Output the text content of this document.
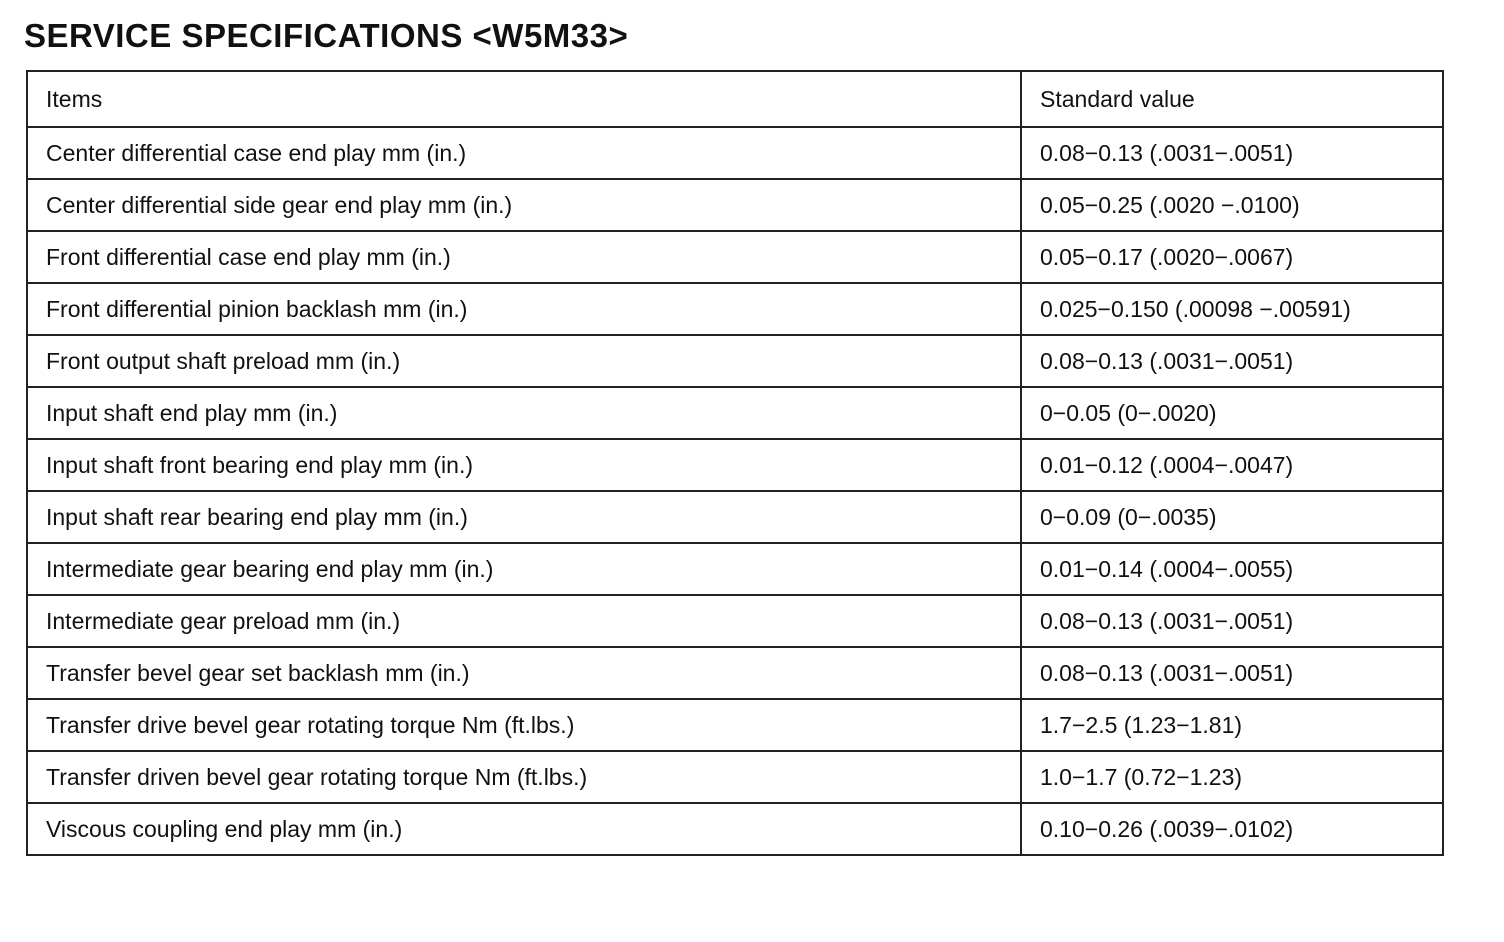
SERVICE SPECIFICATIONS <W5M33>
Items	Standard value
Center differential case end play mm (in.)	0.08−0.13 (.0031−.0051)
Center differential side gear end play mm (in.)	0.05−0.25 (.0020 −.0100)
Front differential case end play mm (in.)	0.05−0.17 (.0020−.0067)
Front differential pinion backlash mm (in.)	0.025−0.150 (.00098 −.00591)
Front output shaft preload mm (in.)	0.08−0.13 (.0031−.0051)
Input shaft end play mm (in.)	0−0.05 (0−.0020)
Input shaft front bearing end play mm (in.)	0.01−0.12 (.0004−.0047)
Input shaft rear bearing end play mm (in.)	0−0.09 (0−.0035)
Intermediate gear bearing end play mm (in.)	0.01−0.14 (.0004−.0055)
Intermediate gear preload mm (in.)	0.08−0.13 (.0031−.0051)
Transfer bevel gear set backlash mm (in.)	0.08−0.13 (.0031−.0051)
Transfer drive bevel gear rotating torque Nm (ft.lbs.)	1.7−2.5 (1.23−1.81)
Transfer driven bevel gear rotating torque Nm (ft.lbs.)	1.0−1.7 (0.72−1.23)
Viscous coupling end play mm (in.)	0.10−0.26 (.0039−.0102)
